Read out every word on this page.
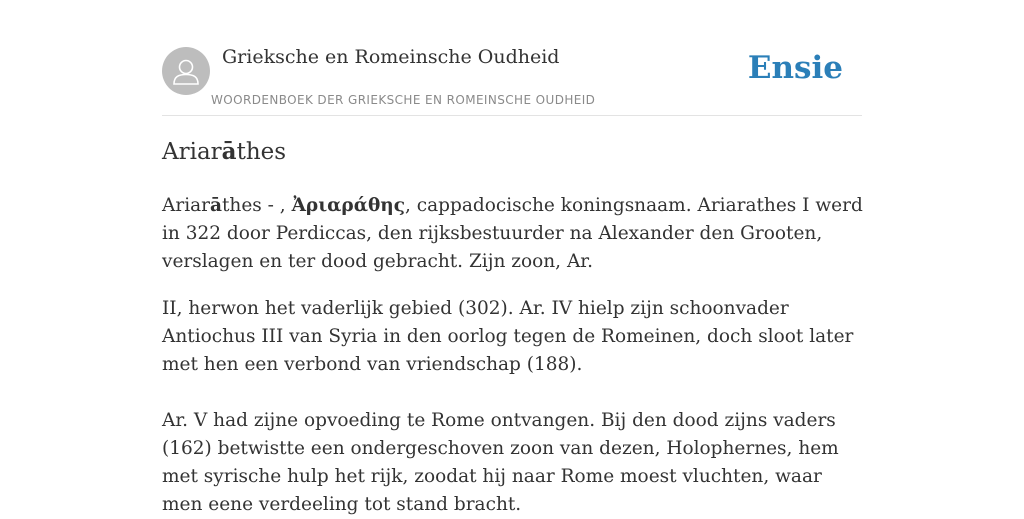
Grieksche en Romeinsche Oudheid
WOORDENBOEK DER GRIEKSCHE EN ROMEINSCHE OUDHEID
Ensie
Ariarāthes

Ariarāthes - , Ἀριαράθης, cappadocische koningsnaam. Ariarathes I werd in 322 door Perdiccas, den rijksbestuurder na Alexander den Grooten, verslagen en ter dood gebracht. Zijn zoon, Ar.

II, herwon het vaderlijk gebied (302). Ar. IV hielp zijn schoonvader Antiochus III van Syria in den oorlog tegen de Romeinen, doch sloot later met hen een verbond van vriendschap (188).

Ar. V had zijne opvoeding te Rome ontvangen. Bij den dood zijns vaders (162) betwistte een ondergeschoven zoon van dezen, Holophernes, hem met syrische hulp het rijk, zoodat hij naar Rome moest vluchten, waar men eene verdeeling tot stand bracht.
